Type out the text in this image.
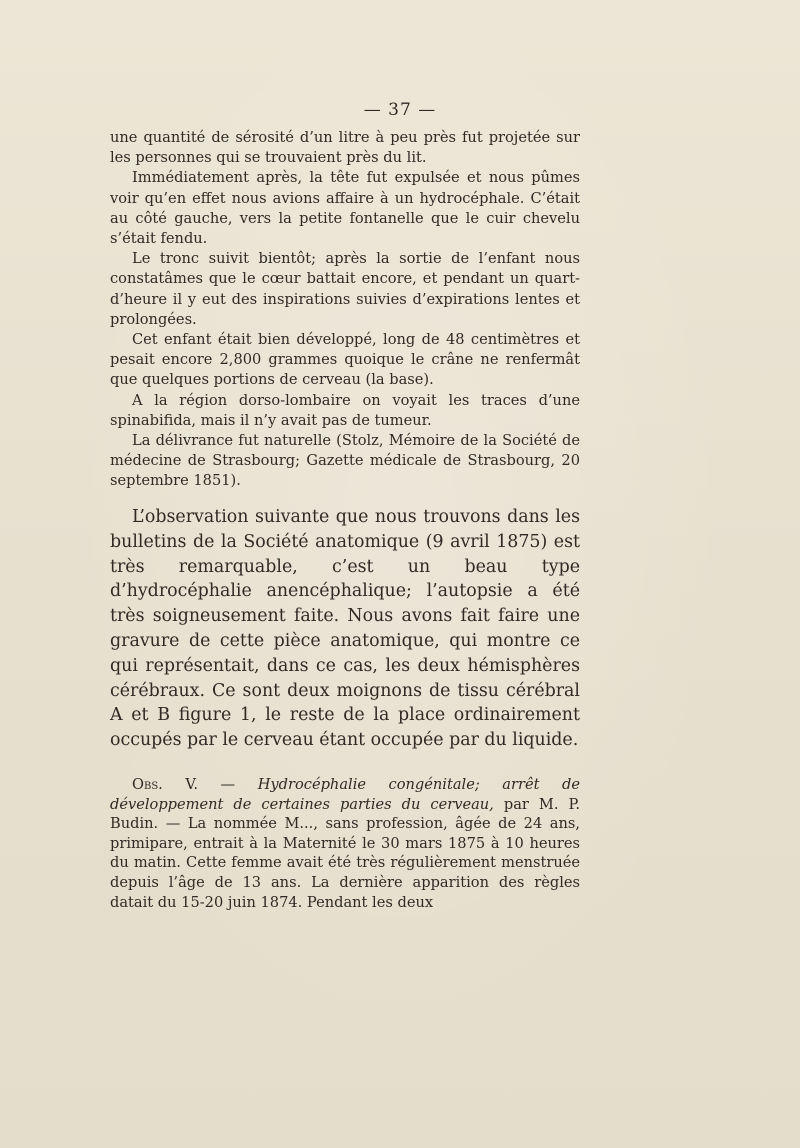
— 37 —

une quantité de sérosité d’un litre à peu près fut projetée sur les personnes qui se trouvaient près du lit.

Immédiatement après, la tête fut expulsée et nous pûmes voir qu’en effet nous avions affaire à un hydrocéphale. C’était au côté gauche, vers la petite fontanelle que le cuir chevelu s’était fendu.

Le tronc suivit bientôt; après la sortie de l’enfant nous constatâmes que le cœur battait encore, et pendant un quart-d’heure il y eut des inspirations suivies d’expirations lentes et prolongées.

Cet enfant était bien développé, long de 48 centimètres et pesait encore 2,800 grammes quoique le crâne ne renfermât que quelques portions de cerveau (la base).

A la région dorso-lombaire on voyait les traces d’une spinabifida, mais il n’y avait pas de tumeur.

La délivrance fut naturelle (Stolz, Mémoire de la Société de médecine de Strasbourg; Gazette médicale de Strasbourg, 20 septembre 1851).

L’observation suivante que nous trouvons dans les bulletins de la Société anatomique (9 avril 1875) est très remarquable, c’est un beau type d’hydrocéphalie anencéphalique; l’autopsie a été très soigneusement faite. Nous avons fait faire une gravure de cette pièce anatomique, qui montre ce qui représentait, dans ce cas, les deux hémisphères cérébraux. Ce sont deux moignons de tissu cérébral A et B figure 1, le reste de la place ordinairement occupés par le cerveau étant occupée par du liquide.

Obs. V. — Hydrocéphalie congénitale; arrêt de développement de certaines parties du cerveau, par M. P. Budin. — La nommée M..., sans profession, âgée de 24 ans, primipare, entrait à la Maternité le 30 mars 1875 à 10 heures du matin. Cette femme avait été très régulièrement menstruée depuis l’âge de 13 ans. La dernière apparition des règles datait du 15-20 juin 1874. Pendant les deux
